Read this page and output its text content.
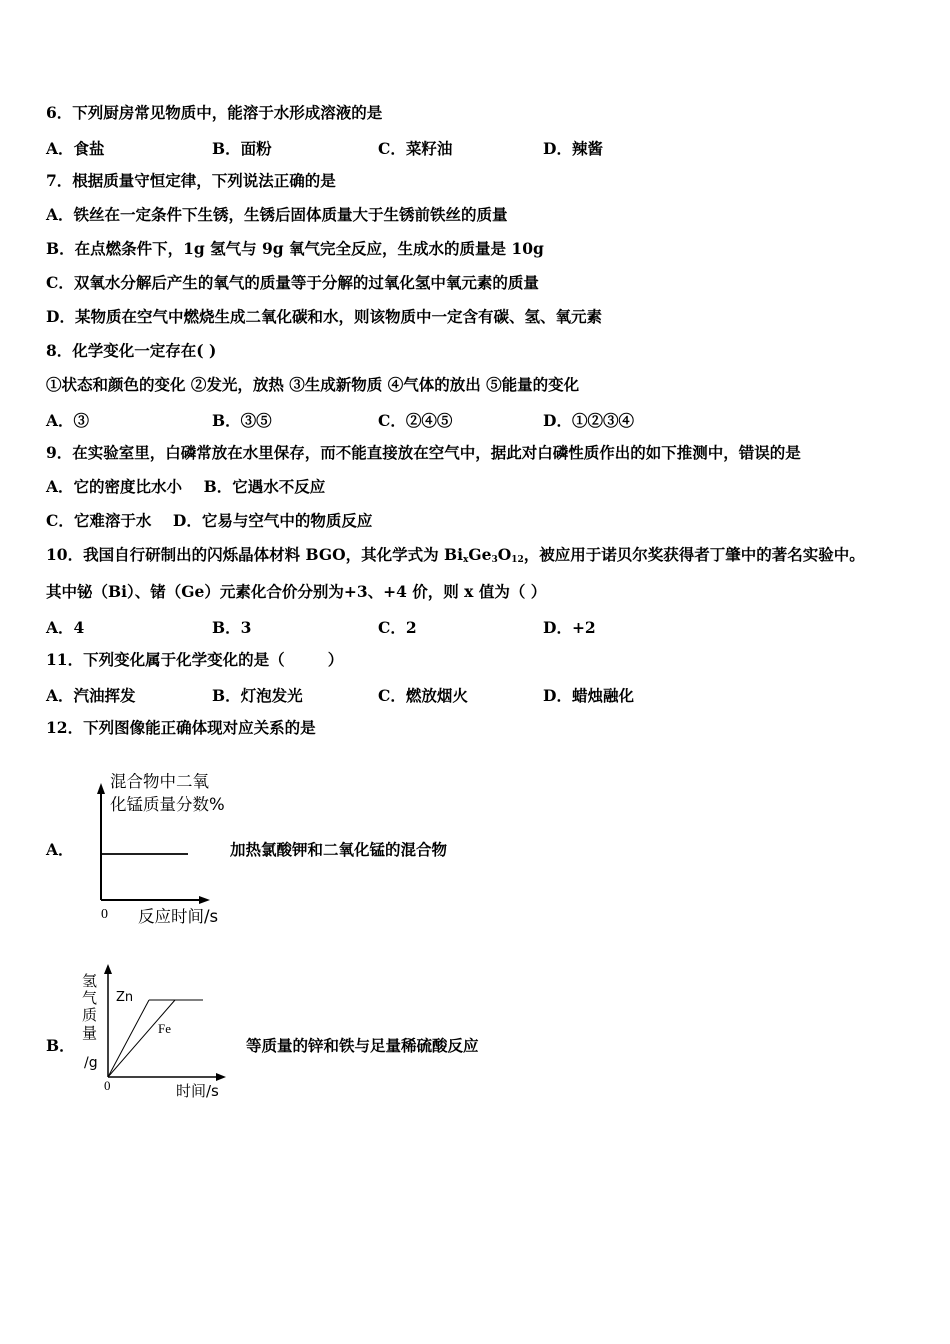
6．下列厨房常见物质中，能溶于水形成溶液的是
A．食盐	B．面粉	C．菜籽油	D．辣酱
7．根据质量守恒定律，下列说法正确的是
A．铁丝在一定条件下生锈，生锈后固体质量大于生锈前铁丝的质量
B．在点燃条件下，1g 氢气与 9g 氧气完全反应，生成水的质量是 10g
C．双氧水分解后产生的氧气的质量等于分解的过氧化氢中氧元素的质量
D．某物质在空气中燃烧生成二氧化碳和水，则该物质中一定含有碳、氢、氧元素
8．化学变化一定存在( )
①状态和颜色的变化 ②发光，放热 ③生成新物质 ④气体的放出 ⑤能量的变化
A．③	B．③⑤	C．②④⑤	D．①②③④
9．在实验室里，白磷常放在水里保存，而不能直接放在空气中，据此对白磷性质作出的如下推测中，错误的是
A．它的密度比水小    B．它遇水不反应
C．它难溶于水    D．它易与空气中的物质反应
10．我国自行研制出的闪烁晶体材料 BGO，其化学式为 $Bi_xGe_3O_{12}$，被应用于诺贝尔奖获得者丁肇中的著名实验中。
其中铋（Bi）、锗（Ge）元素化合价分别为+3、+4 价，则 x 值为（ ）
A．4	B．3	C．2	D．+2
11．下列变化属于化学变化的是（        ）
A．汽油挥发	B．灯泡发光	C．燃放烟火	D．蜡烛融化
12．下列图像能正确体现对应关系的是
A．
混合物中二氧
化锰质量分数%
0 反应时间/s
加热氯酸钾和二氧化锰的混合物
B．
氢
气
质
量
/g
Zn
Fe
0	时间/s
等质量的锌和铁与足量稀硫酸反应
